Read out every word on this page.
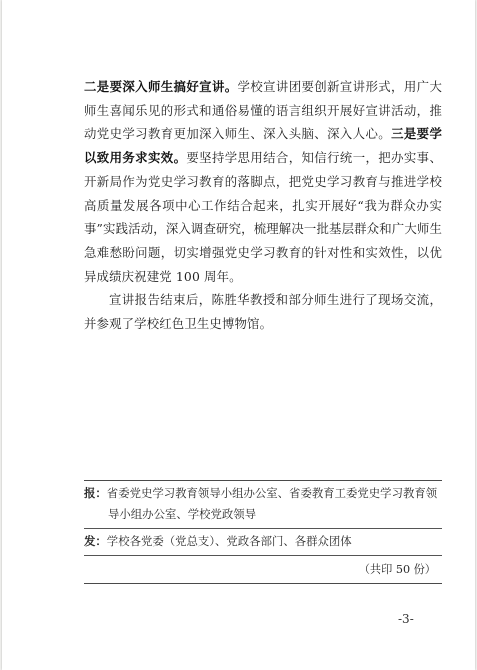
二是要深入师生搞好宣讲。学校宣讲团要创新宣讲形式，用广大师生喜闻乐见的形式和通俗易懂的语言组织开展好宣讲活动，推动党史学习教育更加深入师生、深入头脑、深入人心。三是要学以致用务求实效。要坚持学思用结合，知信行统一，把办实事、开新局作为党史学习教育的落脚点，把党史学习教育与推进学校高质量发展各项中心工作结合起来，扎实开展好“我为群众办实事”实践活动，深入调查研究，梳理解决一批基层群众和广大师生急难愁盼问题，切实增强党史学习教育的针对性和实效性，以优异成绩庆祝建党 100 周年。

宣讲报告结束后，陈胜华教授和部分师生进行了现场交流，并参观了学校红色卫生史博物馆。

报：省委党史学习教育领导小组办公室、省委教育工委党史学习教育领
导小组办公室、学校党政领导
发：学校各党委（党总支）、党政各部门、各群众团体
（共印 50 份）
-3-
